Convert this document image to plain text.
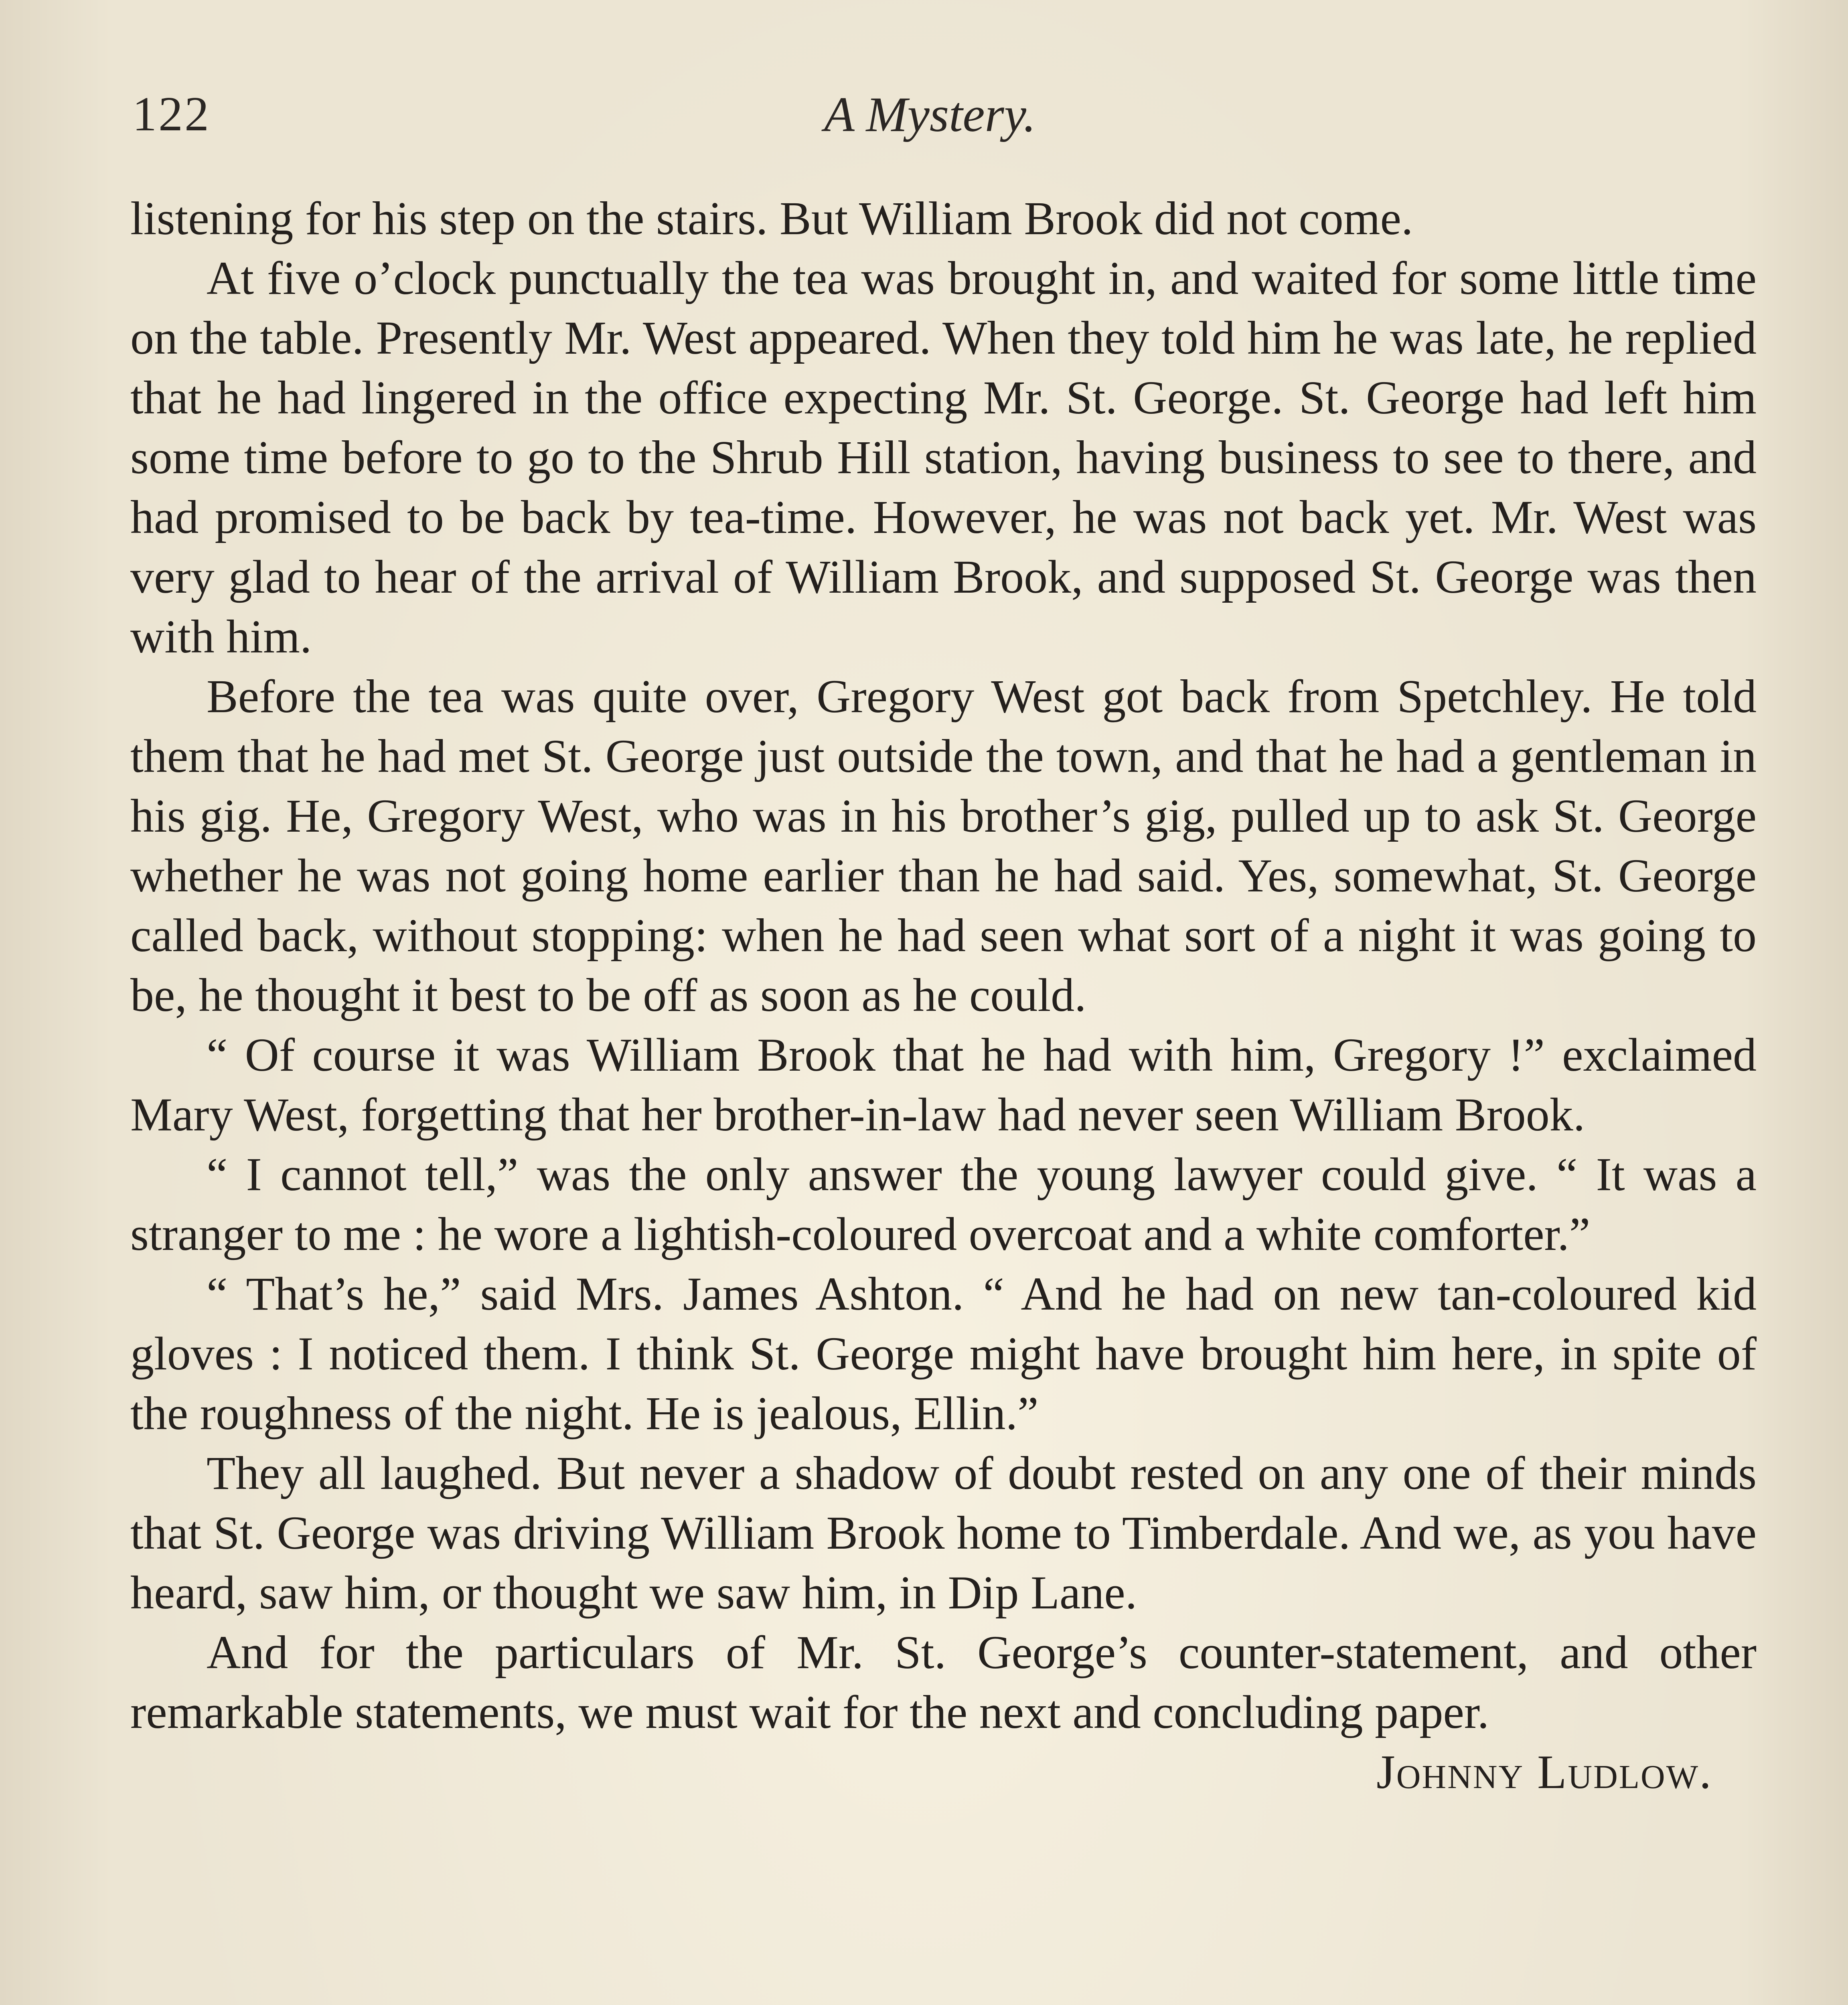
122	A Mystery.

listening for his step on the stairs. But William Brook did not come.

At five o’clock punctually the tea was brought in, and waited for some little time on the table. Presently Mr. West appeared. When they told him he was late, he replied that he had lingered in the office expecting Mr. St. George. St. George had left him some time before to go to the Shrub Hill station, having business to see to there, and had promised to be back by tea-time. However, he was not back yet. Mr. West was very glad to hear of the arrival of William Brook, and supposed St. George was then with him.

Before the tea was quite over, Gregory West got back from Spetchley. He told them that he had met St. George just outside the town, and that he had a gentleman in his gig. He, Gregory West, who was in his brother’s gig, pulled up to ask St. George whether he was not going home earlier than he had said. Yes, somewhat, St. George called back, without stopping: when he had seen what sort of a night it was going to be, he thought it best to be off as soon as he could.

“ Of course it was William Brook that he had with him, Gregory !” exclaimed Mary West, forgetting that her brother-in-law had never seen William Brook.

“ I cannot tell,” was the only answer the young lawyer could give. “ It was a stranger to me : he wore a lightish-coloured overcoat and a white comforter.”

“ That’s he,” said Mrs. James Ashton. “ And he had on new tan-coloured kid gloves : I noticed them. I think St. George might have brought him here, in spite of the roughness of the night. He is jealous, Ellin.”

They all laughed. But never a shadow of doubt rested on any one of their minds that St. George was driving William Brook home to Timberdale. And we, as you have heard, saw him, or thought we saw him, in Dip Lane.

And for the particulars of Mr. St. George’s counter-statement, and other remarkable statements, we must wait for the next and concluding paper.

Johnny Ludlow.
